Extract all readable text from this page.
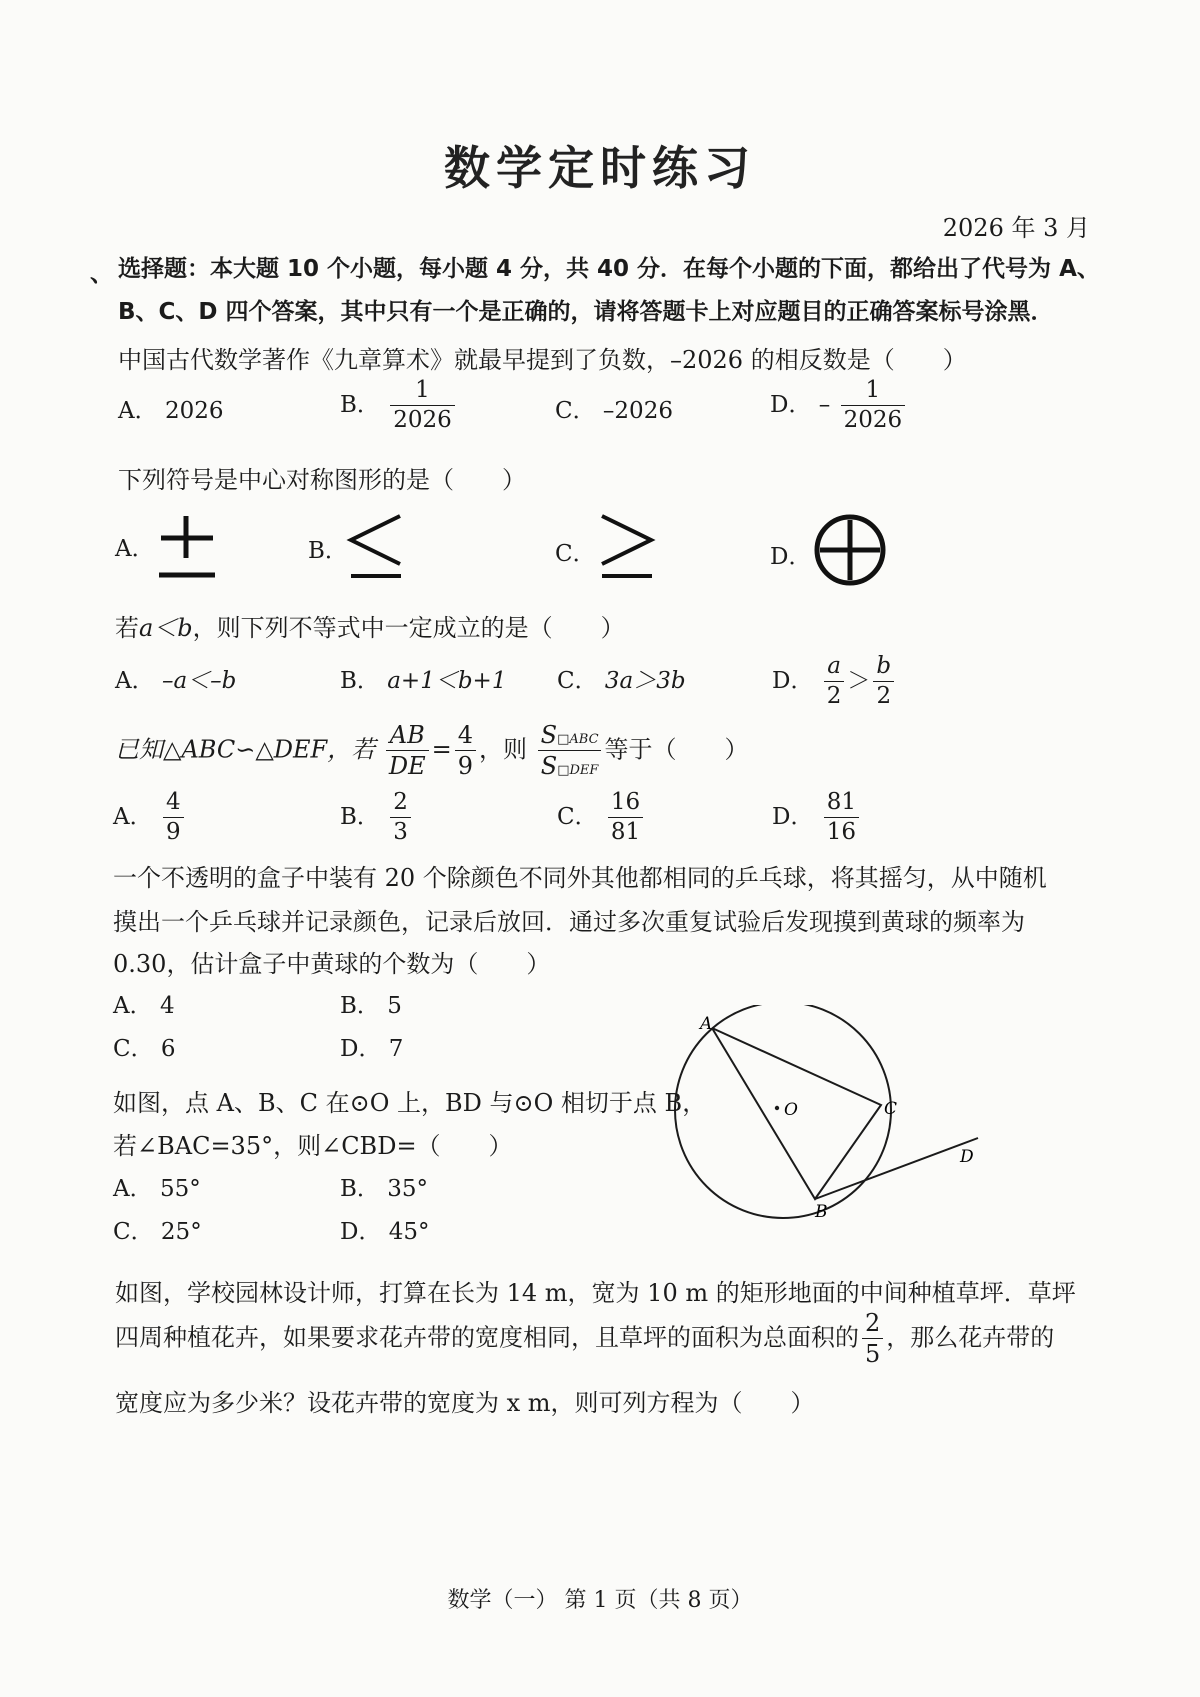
数学定时练习
2026 年 3 月
、 选择题：本大题 10 个小题，每小题 4 分，共 40 分．在每个小题的下面，都给出了代号为 A、
B、C、D 四个答案，其中只有一个是正确的，请将答题卡上对应题目的正确答案标号涂黑．
中国古代数学著作《九章算术》就最早提到了负数，–2026 的相反数是（　　）
A． 2026	B． $\frac{1}{2026}$	C． –2026	D． – $\frac{1}{2026}$
下列符号是中心对称图形的是（　　）
A．	B．	C．	D．
若a＜b，则下列不等式中一定成立的是（　　）
A． –a＜–b	B． a+1＜b+1 C． 3a＞3b	D． $\frac{a}{2} > \frac{b}{2}$
已知△ABC∽△DEF，若 $\frac{AB}{DE} = \frac{4}{9}$ ，则 $\frac{\text{S□ABC}}{\text{S□DEF}}$ 等于（　　）
A． $\frac{4}{9}$	B． $\frac{2}{3}$	C． $\frac{16}{81}$	D． $\frac{81}{16}$
一个不透明的盒子中装有 20 个除颜色不同外其他都相同的乒乓球，将其摇匀，从中随机
摸出一个乒乓球并记录颜色，记录后放回．通过多次重复试验后发现摸到黄球的频率为
0.30，估计盒子中黄球的个数为（　　）
A． 4	B． 5
C． 6	D． 7
如图，点 A、B、C 在⊙O 上，BD 与⊙O 相切于点 B，
若∠BAC=35°，则∠CBD=（　　）
A． 55°	B． 35°
C． 25°	D． 45°
A
O	C
B
D
如图，学校园林设计师，打算在长为 14 m，宽为 10 m 的矩形地面的中间种植草坪．草坪
四周种植花卉，如果要求花卉带的宽度相同，且草坪的面积为总面积的 $\frac{2}{5}$ ，那么花卉带的
宽度应为多少米？设花卉带的宽度为 x m，则可列方程为（　　）
数学（一） 第 1 页（共 8 页）
